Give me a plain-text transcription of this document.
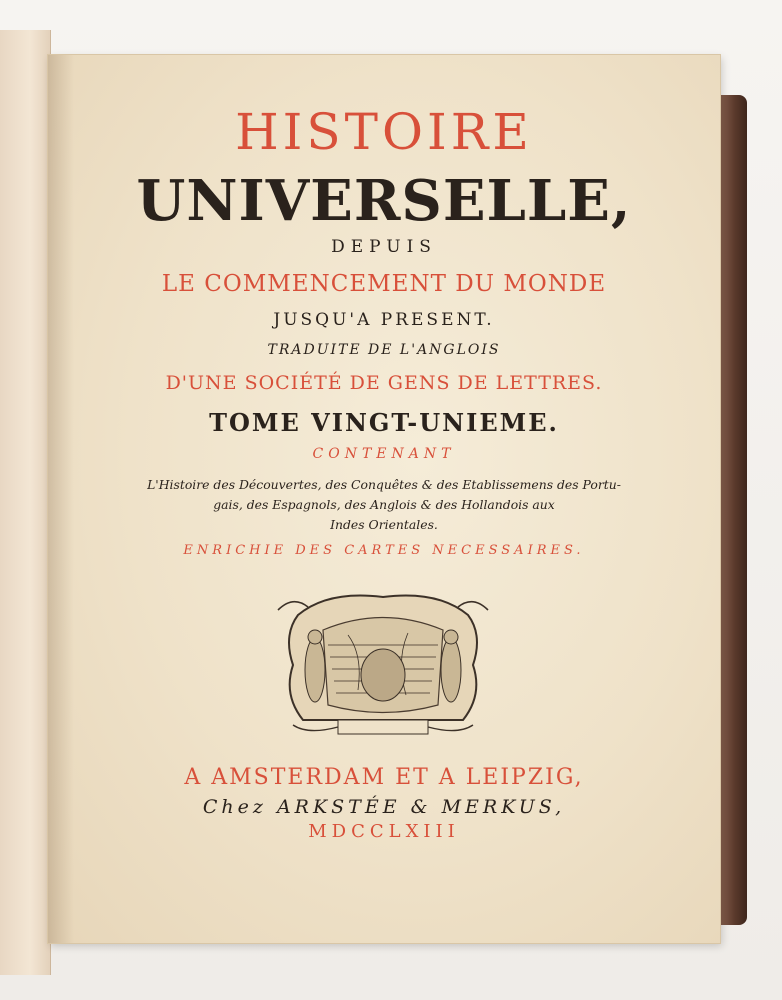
HISTOIRE
UNIVERSELLE,
DEPUIS
LE COMMENCEMENT DU MONDE
JUSQU'A PRESENT.
TRADUITE DE L'ANGLOIS
D'UNE SOCIÉTÉ DE GENS DE LETTRES.
TOME VINGT-UNIEME.
CONTENANT
L'Histoire des Découvertes, des Conquêtes & des Etablissemens des Portu-
gais, des Espagnols, des Anglois & des Hollandois aux
Indes Orientales.
ENRICHIE DES CARTES NECESSAIRES.
A AMSTERDAM ET A LEIPZIG,
Chez ARKSTÉE & MERKUS,
MDCCLXIII
